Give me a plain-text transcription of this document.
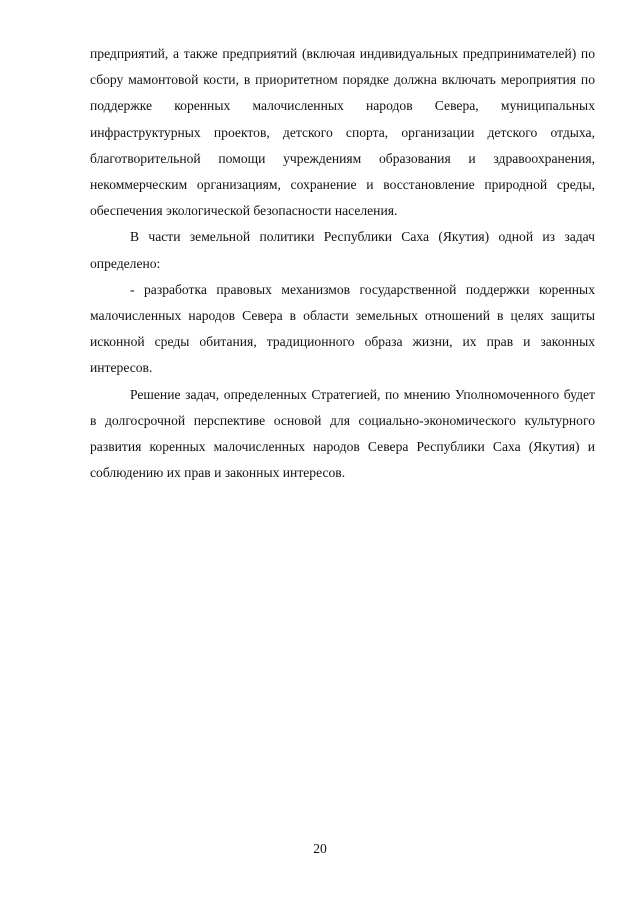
предприятий, а также предприятий (включая индивидуальных предпринимателей) по сбору мамонтовой кости, в приоритетном порядке должна включать мероприятия по поддержке коренных малочисленных народов Севера, муниципальных инфраструктурных проектов, детского спорта, организации детского отдыха, благотворительной помощи учреждениям образования и здравоохранения, некоммерческим организациям, сохранение и восстановление природной среды, обеспечения экологической безопасности населения.

В части земельной политики Республики Саха (Якутия) одной из задач определено:

- разработка правовых механизмов государственной поддержки коренных малочисленных народов Севера в области земельных отношений в целях защиты исконной среды обитания, традиционного образа жизни, их прав и законных интересов.

Решение задач, определенных Стратегией, по мнению Уполномоченного будет в долгосрочной перспективе основой для социально-экономического культурного развития коренных малочисленных народов Севера Республики Саха (Якутия) и соблюдению их прав и законных интересов.

20
